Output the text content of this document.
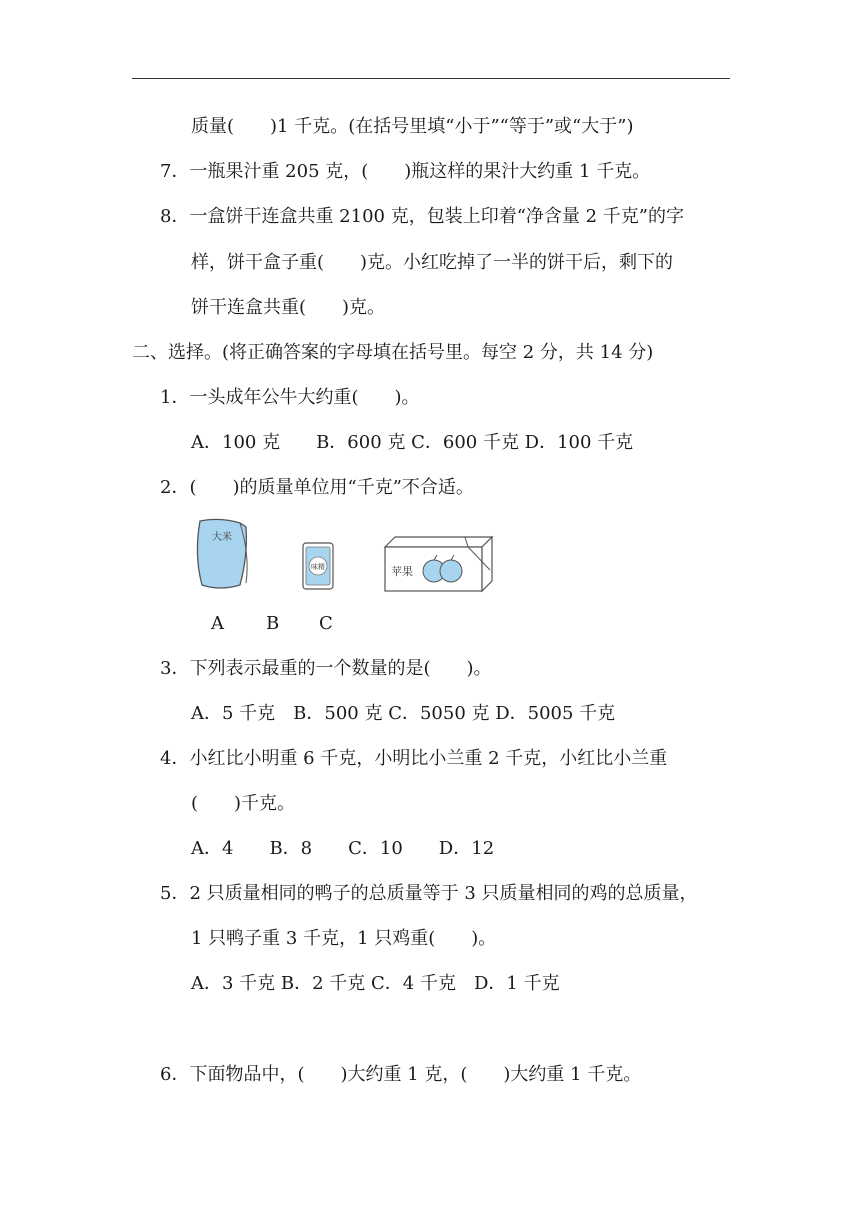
质量(　　)1 千克。(在括号里填“小于”“等于”或“大于”)
7．一瓶果汁重 205 克，(　　)瓶这样的果汁大约重 1 千克。
8．一盒饼干连盒共重 2100 克，包装上印着“净含量 2 千克”的字
样，饼干盒子重(　　)克。小红吃掉了一半的饼干后，剩下的
饼干连盒共重(　　)克。
二、选择。(将正确答案的字母填在括号里。每空 2 分，共 14 分)
1．一头成年公牛大约重(　　)。
A．100 克　　B．600 克 C．600 千克 D．100 千克
2．(　　)的质量单位用“千克”不合适。
大米
味精	苹果
A B C
3．下列表示最重的一个数量的是(　　)。
A．5 千克　B．500 克 C．5050 克 D．5005 千克
4．小红比小明重 6 千克，小明比小兰重 2 千克，小红比小兰重
(　　)千克。
A．4　　B．8　　C．10　　D．12
5．2 只质量相同的鸭子的总质量等于 3 只质量相同的鸡的总质量，
1 只鸭子重 3 千克，1 只鸡重(　　)。
A．3 千克 B．2 千克 C．4 千克　D．1 千克
6．下面物品中，(　　)大约重 1 克，(　　)大约重 1 千克。
